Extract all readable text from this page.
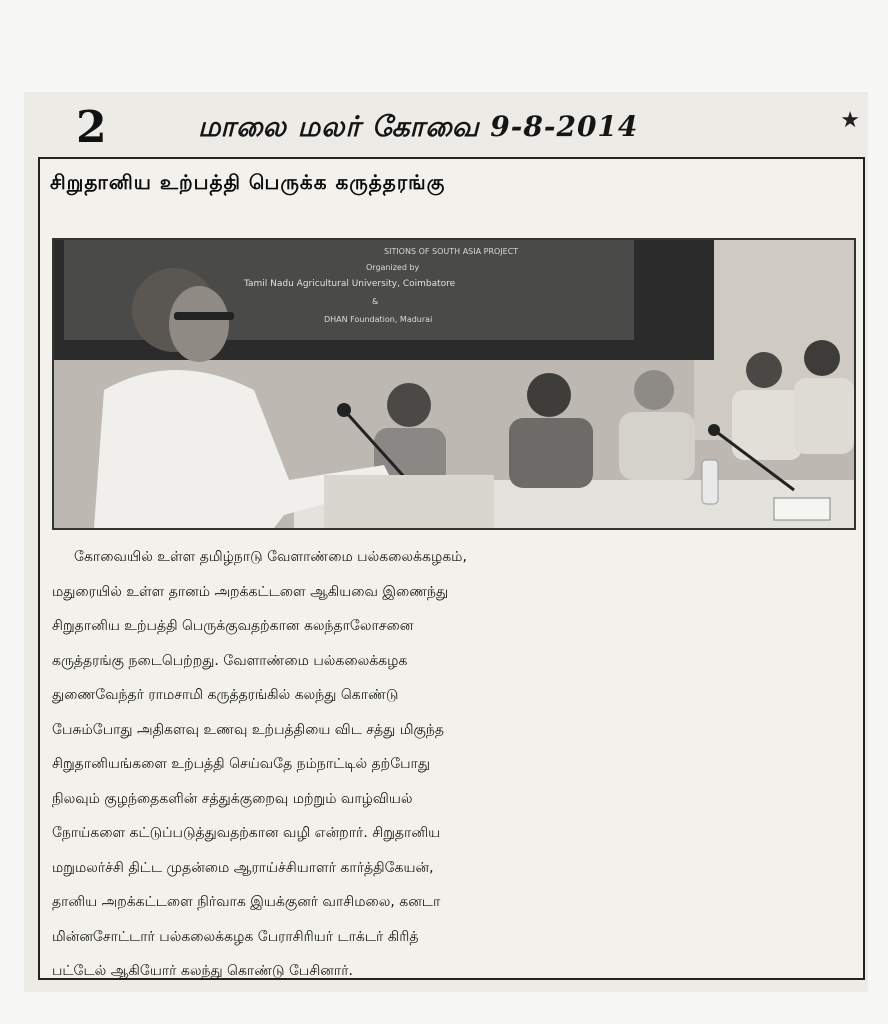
2	மாலை மலர் கோவை 9-8-2014	★
சிறுதானிய உற்பத்தி பெருக்க கருத்தரங்கு
SITIONS OF SOUTH ASIA PROJECT
Organized by
Tamil Nadu Agricultural University, Coimbatore
&
DHAN Foundation, Madurai
கோவையில் உள்ள தமிழ்நாடு வேளாண்மை பல்கலைக்கழகம்,
மதுரையில் உள்ள தானம் அறக்கட்டளை ஆகியவை இணைந்து
சிறுதானிய உற்பத்தி பெருக்குவதற்கான கலந்தாலோசனை
கருத்தரங்கு நடைபெற்றது. வேளாண்மை பல்கலைக்கழக
துணைவேந்தர் ராமசாமி கருத்தரங்கில் கலந்து கொண்டு
பேசும்போது அதிகளவு உணவு உற்பத்தியை விட சத்து மிகுந்த
சிறுதானியங்களை உற்பத்தி செய்வதே நம்நாட்டில் தற்போது
நிலவும் குழந்தைகளின் சத்துக்குறைவு மற்றும் வாழ்வியல்
நோய்களை கட்டுப்படுத்துவதற்கான வழி என்றார். சிறுதானிய
மறுமலர்ச்சி திட்ட முதன்மை ஆராய்ச்சியாளர் கார்த்திகேயன்,
தானிய அறக்கட்டளை நிர்வாக இயக்குனர் வாசிமலை, கனடா
மின்னசோட்டார் பல்கலைக்கழக பேராசிரியர் டாக்டர் கிரித்
பட்டேல் ஆகியோர் கலந்து கொண்டு பேசினார்.
